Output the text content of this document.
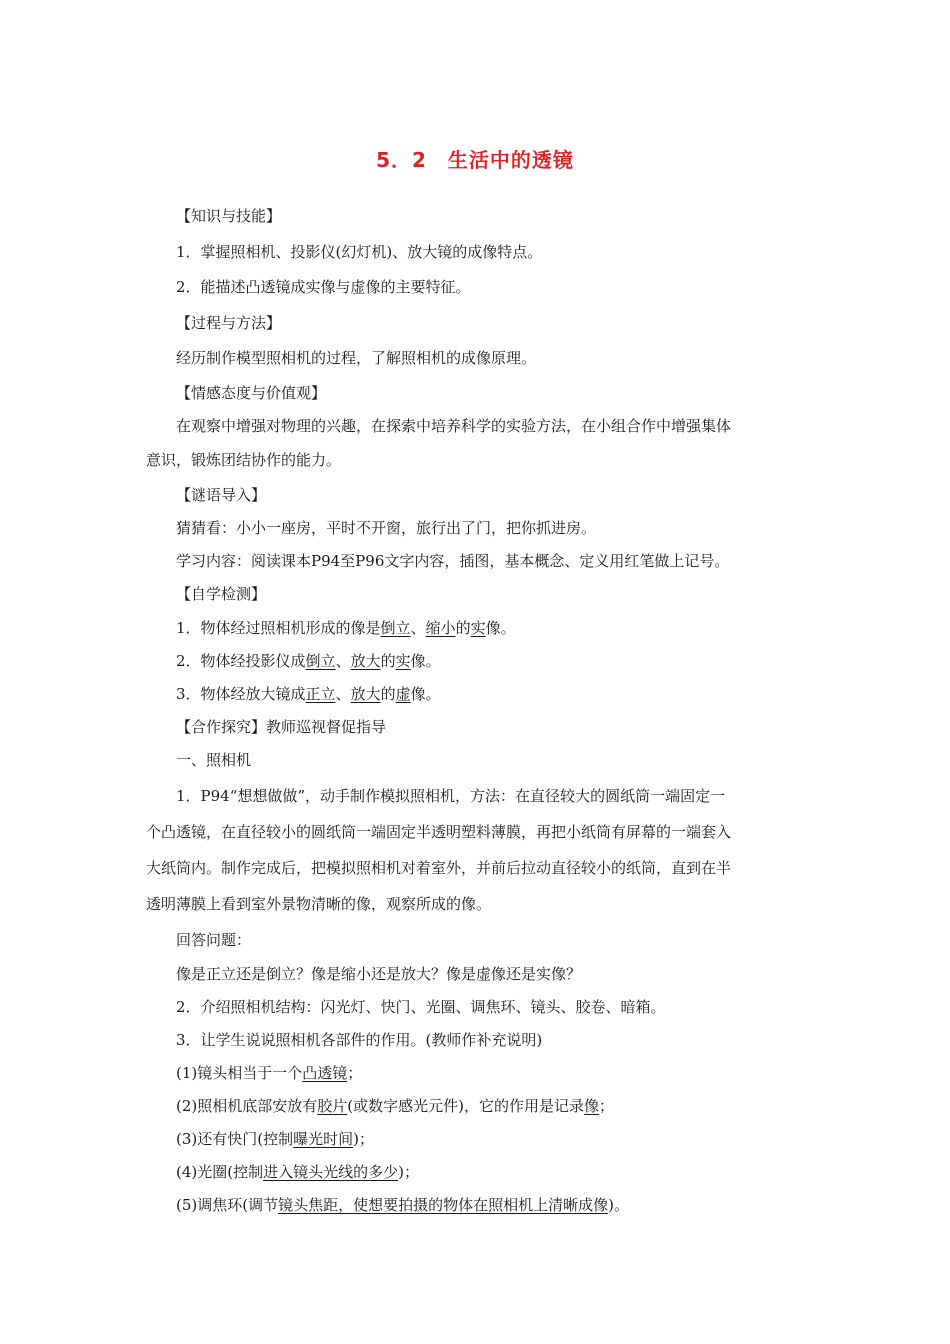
5．2　生活中的透镜
【知识与技能】
1．掌握照相机、投影仪(幻灯机)、放大镜的成像特点。
2．能描述凸透镜成实像与虚像的主要特征。
【过程与方法】
经历制作模型照相机的过程，了解照相机的成像原理。
【情感态度与价值观】
在观察中增强对物理的兴趣，在探索中培养科学的实验方法，在小组合作中增强集体
意识，锻炼团结协作的能力。
【谜语导入】
猜猜看：小小一座房，平时不开窗，旅行出了门，把你抓进房。
学习内容：阅读课本P94至P96文字内容，插图，基本概念、定义用红笔做上记号。
【自学检测】
1．物体经过照相机形成的像是倒立、缩小的实像。
2．物体经投影仪成倒立、放大的实像。
3．物体经放大镜成正立、放大的虚像。
【合作探究】教师巡视督促指导
一、照相机
1．P94“想想做做”，动手制作模拟照相机，方法：在直径较大的圆纸筒一端固定一
个凸透镜，在直径较小的圆纸筒一端固定半透明塑料薄膜，再把小纸筒有屏幕的一端套入
大纸筒内。制作完成后，把模拟照相机对着室外，并前后拉动直径较小的纸筒，直到在半
透明薄膜上看到室外景物清晰的像，观察所成的像。
回答问题：
像是正立还是倒立？像是缩小还是放大？像是虚像还是实像？
2．介绍照相机结构：闪光灯、快门、光圈、调焦环、镜头、胶卷、暗箱。
3．让学生说说照相机各部件的作用。(教师作补充说明)
(1)镜头相当于一个凸透镜；
(2)照相机底部安放有胶片(或数字感光元件)，它的作用是记录像；
(3)还有快门(控制曝光时间)；
(4)光圈(控制进入镜头光线的多少)；
(5)调焦环(调节镜头焦距，使想要拍摄的物体在照相机上清晰成像)。
